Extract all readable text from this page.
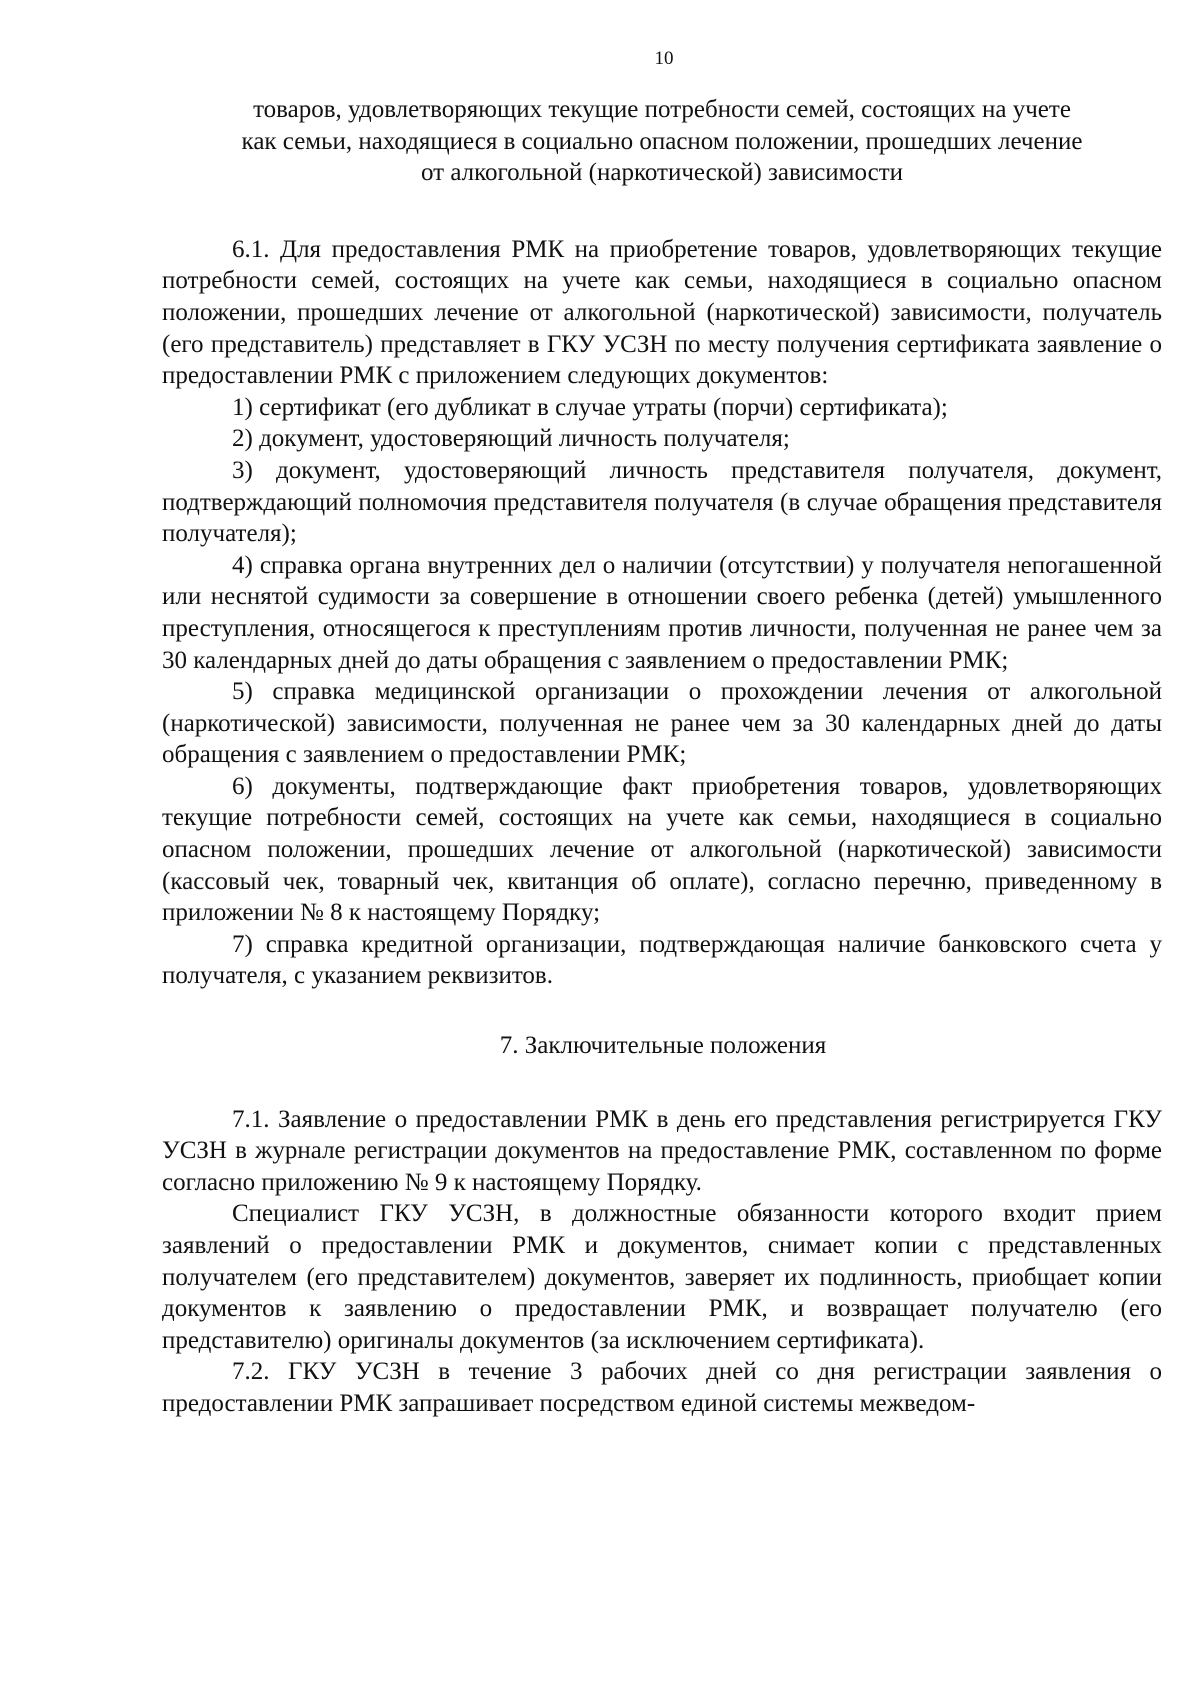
10
товаров, удовлетворяющих текущие потребности семей, состоящих на учете
как семьи, находящиеся в социально опасном положении, прошедших лечение
от алкогольной (наркотической) зависимости

6.1. Для предоставления РМК на приобретение товаров, удовлетворяющих текущие потребности семей, состоящих на учете как семьи, находящиеся в социально опасном положении, прошедших лечение от алкогольной (наркотической) зависимости, получатель (его представитель) представляет в ГКУ УСЗН по месту получения сертификата заявление о предоставлении РМК с приложением следующих документов:

1) сертификат (его дубликат в случае утраты (порчи) сертификата);

2) документ, удостоверяющий личность получателя;

3) документ, удостоверяющий личность представителя получателя, документ, подтверждающий полномочия представителя получателя (в случае обращения представителя получателя);

4) справка органа внутренних дел о наличии (отсутствии) у получателя непогашенной или неснятой судимости за совершение в отношении своего ребенка (детей) умышленного преступления, относящегося к преступлениям против личности, полученная не ранее чем за 30 календарных дней до даты обращения с заявлением о предоставлении РМК;

5) справка медицинской организации о прохождении лечения от алкогольной (наркотической) зависимости, полученная не ранее чем за 30 календарных дней до даты обращения с заявлением о предоставлении РМК;

6) документы, подтверждающие факт приобретения товаров, удовлетворяющих текущие потребности семей, состоящих на учете как семьи, находящиеся в социально опасном положении, прошедших лечение от алкогольной (наркотической) зависимости (кассовый чек, товарный чек, квитанция об оплате), согласно перечню, приведенному в приложении № 8 к настоящему Порядку;

7) справка кредитной организации, подтверждающая наличие банковского счета у получателя, с указанием реквизитов.

7. Заключительные положения

7.1. Заявление о предоставлении РМК в день его представления регистрируется ГКУ УСЗН в журнале регистрации документов на предоставление РМК, составленном по форме согласно приложению № 9 к настоящему Порядку.

Специалист ГКУ УСЗН, в должностные обязанности которого входит прием заявлений о предоставлении РМК и документов, снимает копии с представленных получателем (его представителем) документов, заверяет их подлинность, приобщает копии документов к заявлению о предоставлении РМК, и возвращает получателю (его представителю) оригиналы документов (за исключением сертификата).

7.2. ГКУ УСЗН в течение 3 рабочих дней со дня регистрации заявления о предоставлении РМК запрашивает посредством единой системы межведом-
